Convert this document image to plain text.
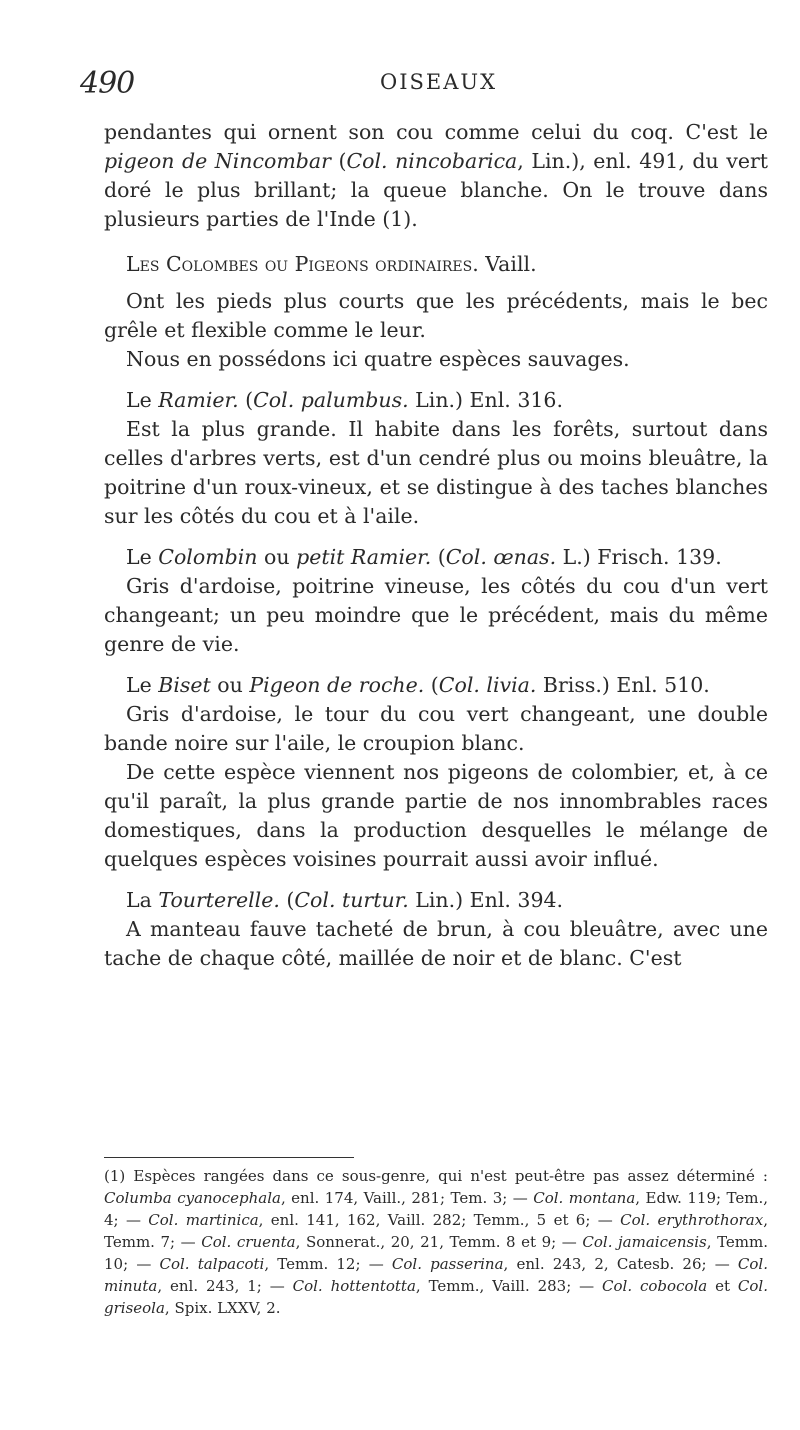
490	OISEAUX

pendantes qui ornent son cou comme celui du coq. C'est le pigeon de Nincombar (Col. nincobarica, Lin.), enl. 491, du vert doré le plus brillant; la queue blanche. On le trouve dans plusieurs parties de l'Inde (1).

Les Colombes ou Pigeons ordinaires. Vaill.

Ont les pieds plus courts que les précédents, mais le bec grêle et flexible comme le leur.

Nous en possédons ici quatre espèces sauvages.

Le Ramier. (Col. palumbus. Lin.) Enl. 316.

Est la plus grande. Il habite dans les forêts, surtout dans celles d'arbres verts, est d'un cendré plus ou moins bleuâtre, la poitrine d'un roux-vineux, et se distingue à des taches blanches sur les côtés du cou et à l'aile.

Le Colombin ou petit Ramier. (Col. œnas. L.) Frisch. 139.

Gris d'ardoise, poitrine vineuse, les côtés du cou d'un vert changeant; un peu moindre que le précédent, mais du même genre de vie.

Le Biset ou Pigeon de roche. (Col. livia. Briss.) Enl. 510.

Gris d'ardoise, le tour du cou vert changeant, une double bande noire sur l'aile, le croupion blanc.

De cette espèce viennent nos pigeons de colombier, et, à ce qu'il paraît, la plus grande partie de nos innombrables races domestiques, dans la production desquelles le mélange de quelques espèces voisines pourrait aussi avoir influé.

La Tourterelle. (Col. turtur. Lin.) Enl. 394.

A manteau fauve tacheté de brun, à cou bleuâtre, avec une tache de chaque côté, maillée de noir et de blanc. C'est

(1) Espèces rangées dans ce sous-genre, qui n'est peut-être pas assez déterminé : Columba cyanocephala, enl. 174, Vaill., 281; Tem. 3; — Col. montana, Edw. 119; Tem., 4; — Col. martinica, enl. 141, 162, Vaill. 282; Temm., 5 et 6; — Col. erythrothorax, Temm. 7; — Col. cruenta, Sonnerat., 20, 21, Temm. 8 et 9; — Col. jamaicensis, Temm. 10; — Col. talpacoti, Temm. 12; — Col. passerina, enl. 243, 2, Catesb. 26; — Col. minuta, enl. 243, 1; — Col. hottentotta, Temm., Vaill. 283; — Col. cobocola et Col. griseola, Spix. LXXV, 2.
